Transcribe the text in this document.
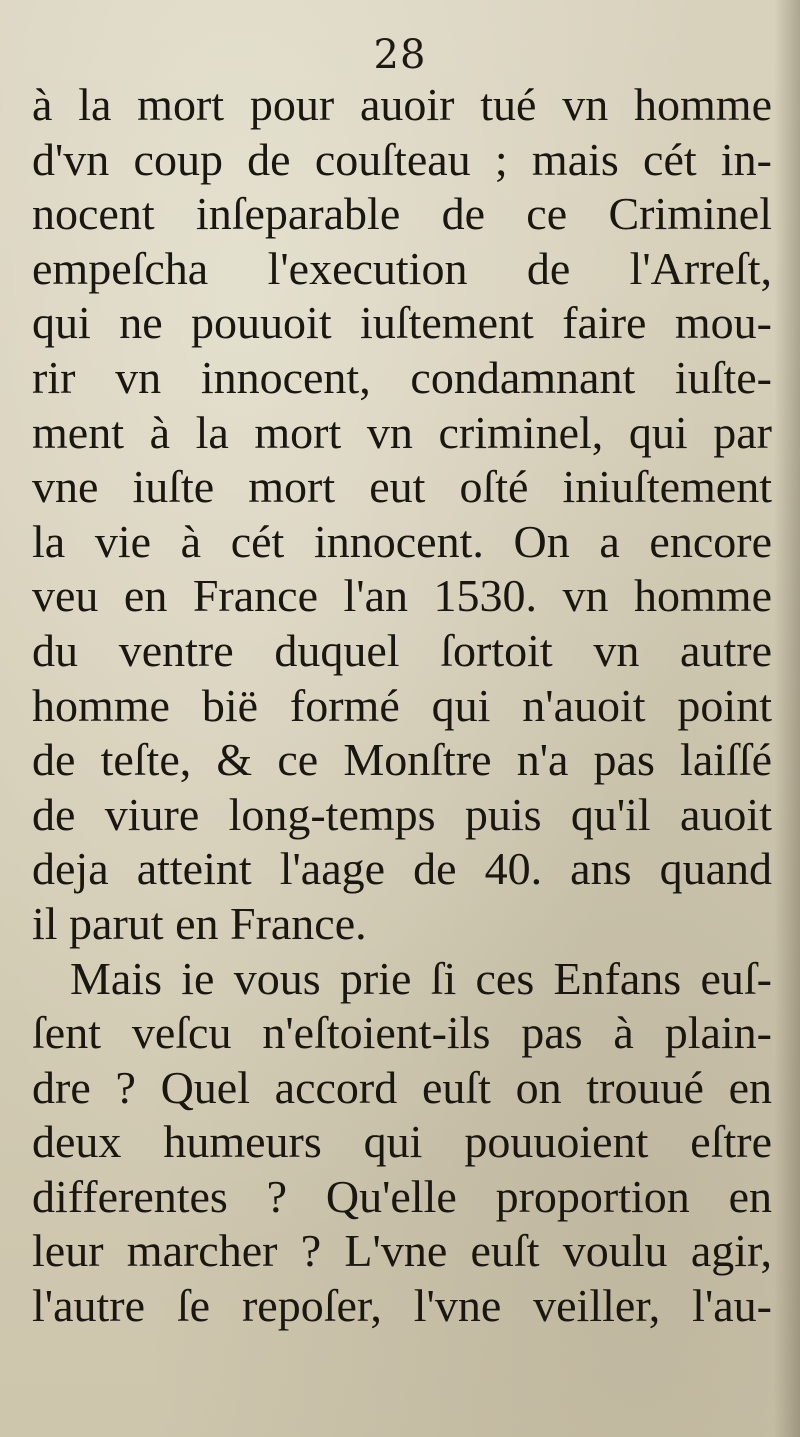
28
à la mort pour auoir tué vn homme
d'vn coup de couſteau ; mais cét in-
nocent inſeparable de ce Criminel
empeſcha l'execution de l'Arreſt,
qui ne pouuoit iuſtement faire mou-
rir vn innocent, condamnant iuſte-
ment à la mort vn criminel, qui par
vne iuſte mort eut oſté iniuſtement
la vie à cét innocent. On a encore
veu en France l'an 1530. vn homme
du ventre duquel ſortoit vn autre
homme bië formé qui n'auoit point
de teſte, & ce Monſtre n'a pas laiſſé
de viure long-temps puis qu'il auoit
deja atteint l'aage de 40. ans quand
il parut en France.
Mais ie vous prie ſi ces Enfans euſ-
ſent veſcu n'eſtoient-ils pas à plain-
dre ? Quel accord euſt on trouué en
deux humeurs qui pouuoient eſtre
differentes ? Qu'elle proportion en
leur marcher ? L'vne euſt voulu agir,
l'autre ſe repoſer, l'vne veiller, l'au-
